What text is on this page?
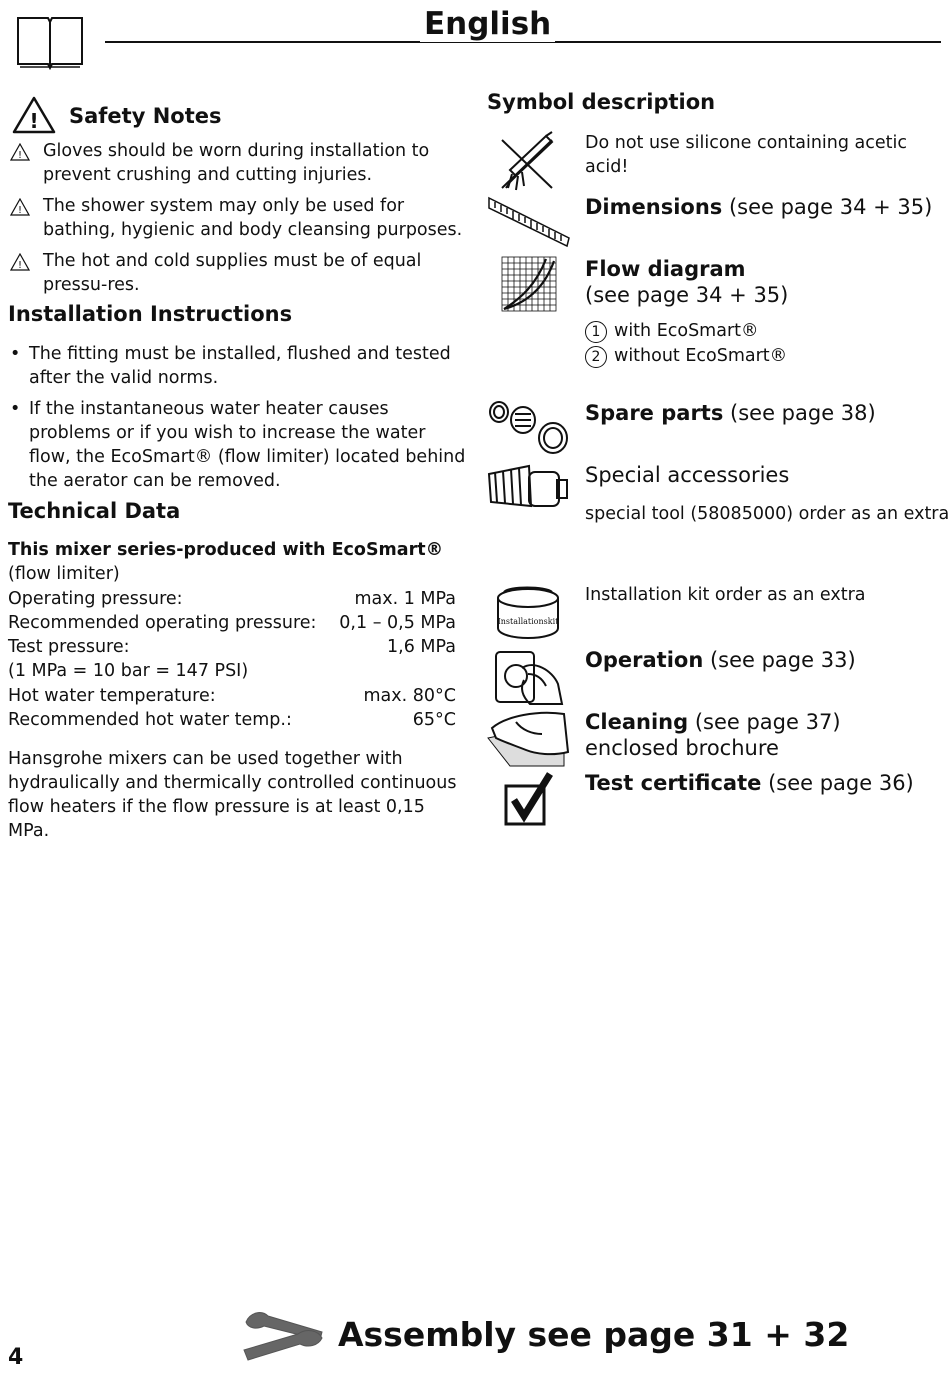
English
! Safety Notes
! Gloves should be worn during installation to prevent crushing and cutting injuries.
! The shower system may only be used for bathing, hygienic and body cleansing purposes.
! The hot and cold supplies must be of equal pressu-res.
Installation Instructions
• The fitting must be installed, flushed and tested after the valid norms.
• If the instantaneous water heater causes problems or if you wish to increase the water flow, the EcoSmart® (flow limiter) located behind the aerator can be removed.
Technical Data
This mixer series-produced with EcoSmart® (flow limiter)
Operating pressure:	max. 1 MPa
Recommended operating pressure: 0,1 – 0,5 MPa
Test pressure:	1,6 MPa
(1 MPa = 10 bar = 147 PSI)
Hot water temperature:	max. 80°C
Recommended hot water temp.:	65°C
Hansgrohe mixers can be used together with hydraulically and thermically controlled continuous flow heaters if the flow pressure is at least 0,15 MPa.
Symbol description
Do not use silicone containing acetic acid!
Dimensions (see page 34 + 35)
Flow diagram
(see page 34 + 35)
1 with EcoSmart®
2 without EcoSmart®
Spare parts (see page 38)
Special accessories
special tool (58085000) order as an extra
Installation kit order as an extra
Installationskit
Operation (see page 33)
Cleaning (see page 37) enclosed brochure
Test certificate (see page 36)
Assembly see page 31 + 32
4
